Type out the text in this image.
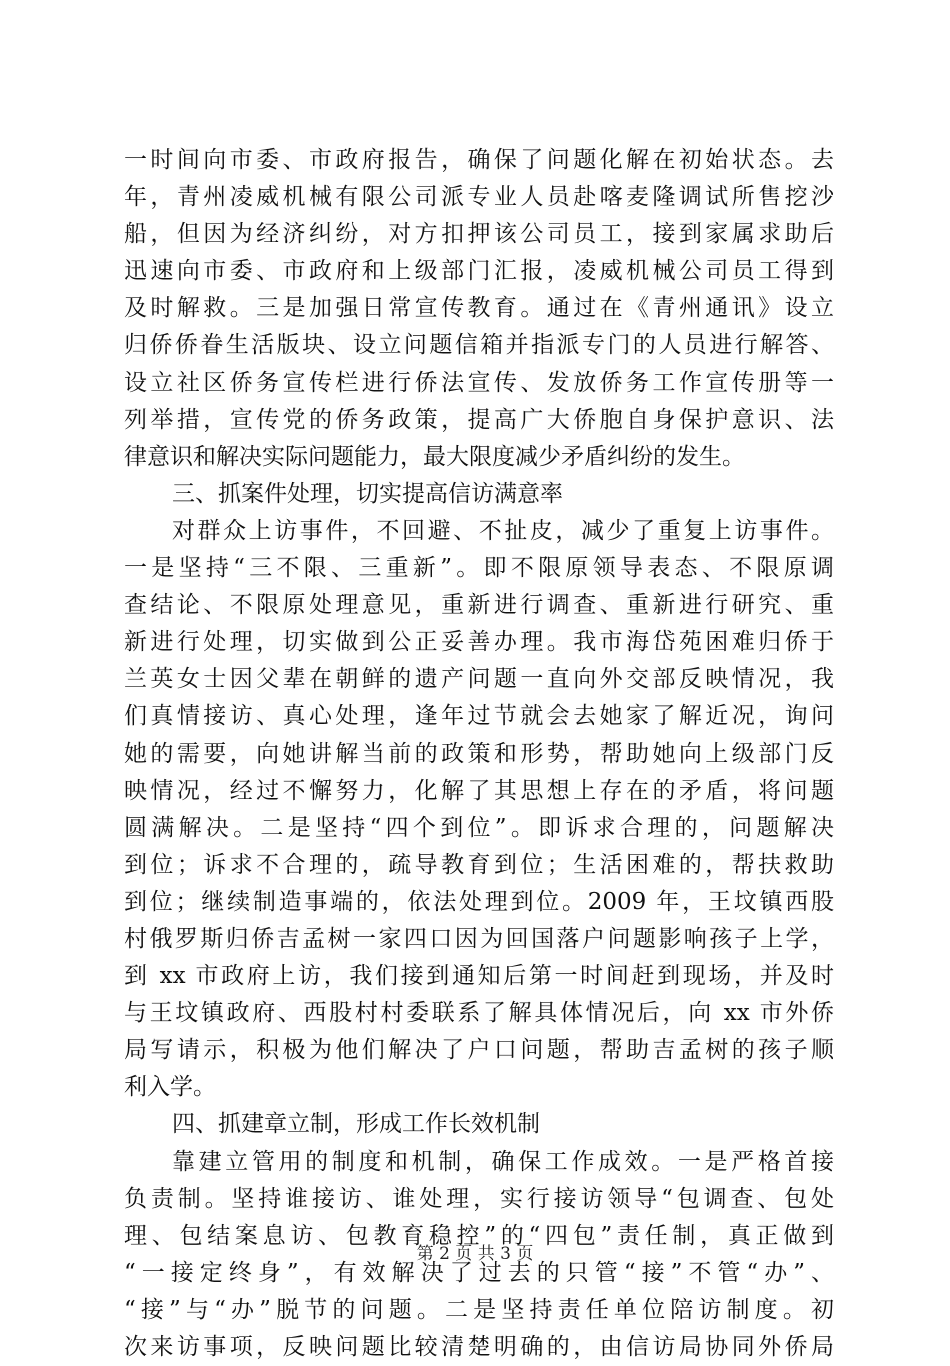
一时间向市委、市政府报告，确保了问题化解在初始状态。去
年，青州凌威机械有限公司派专业人员赴喀麦隆调试所售挖沙
船，但因为经济纠纷，对方扣押该公司员工，接到家属求助后
迅速向市委、市政府和上级部门汇报，凌威机械公司员工得到
及时解救。三是加强日常宣传教育。通过在《青州通讯》设立
归侨侨眷生活版块、设立问题信箱并指派专门的人员进行解答、
设立社区侨务宣传栏进行侨法宣传、发放侨务工作宣传册等一
列举措，宣传党的侨务政策，提高广大侨胞自身保护意识、法
律意识和解决实际问题能力，最大限度减少矛盾纠纷的发生。
三、抓案件处理，切实提高信访满意率
对群众上访事件，不回避、不扯皮，减少了重复上访事件。
一是坚持“三不限、三重新”。即不限原领导表态、不限原调
查结论、不限原处理意见，重新进行调查、重新进行研究、重
新进行处理，切实做到公正妥善办理。我市海岱苑困难归侨于
兰英女士因父辈在朝鲜的遗产问题一直向外交部反映情况，我
们真情接访、真心处理，逢年过节就会去她家了解近况，询问
她的需要，向她讲解当前的政策和形势，帮助她向上级部门反
映情况，经过不懈努力，化解了其思想上存在的矛盾，将问题
圆满解决。二是坚持“四个到位”。即诉求合理的，问题解决
到位；诉求不合理的，疏导教育到位；生活困难的，帮扶救助
到位；继续制造事端的，依法处理到位。2009 年，王坟镇西股
村俄罗斯归侨吉孟树一家四口因为回国落户问题影响孩子上学，
到 xx 市政府上访，我们接到通知后第一时间赶到现场，并及时
与王坟镇政府、西股村村委联系了解具体情况后，向 xx 市外侨
局写请示，积极为他们解决了户口问题，帮助吉孟树的孩子顺
利入学。
四、抓建章立制，形成工作长效机制
靠建立管用的制度和机制，确保工作成效。一是严格首接
负责制。坚持谁接访、谁处理，实行接访领导“包调查、包处
理、包结案息访、包教育稳控”的“四包”责任制，真正做到
“一接定终身”，有效解决了过去的只管“接”不管“办”、
“接”与“办”脱节的问题。二是坚持责任单位陪访制度。初
次来访事项，反映问题比较清楚明确的，由信访局协同外侨局
第 2 页 共 3 页
